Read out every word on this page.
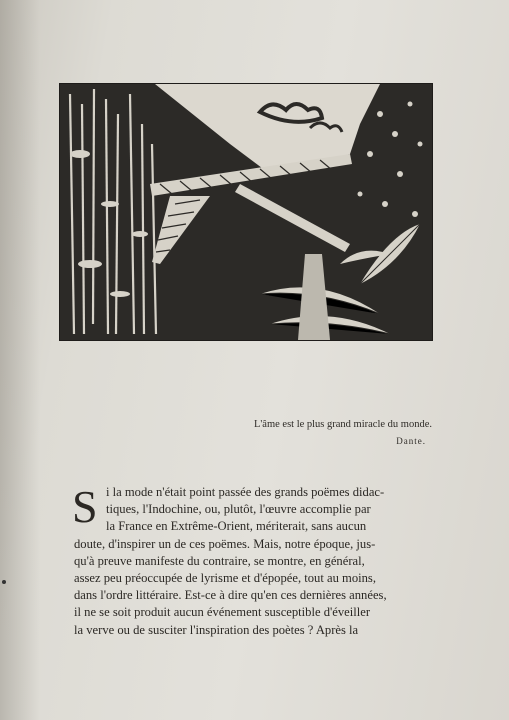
L'âme est le plus grand miracle du monde.
Dante.
S i la mode n'était point passée des grands poëmes didac-
tiques, l'Indochine, ou, plutôt, l'œuvre accomplie par
la France en Extrême-Orient, mériterait, sans aucun
doute, d'inspirer un de ces poëmes. Mais, notre époque, jus-
qu'à preuve manifeste du contraire, se montre, en général,
assez peu préoccupée de lyrisme et d'épopée, tout au moins,
dans l'ordre littéraire. Est-ce à dire qu'en ces dernières années,
il ne se soit produit aucun événement susceptible d'éveiller
la verve ou de susciter l'inspiration des poètes ? Après la
